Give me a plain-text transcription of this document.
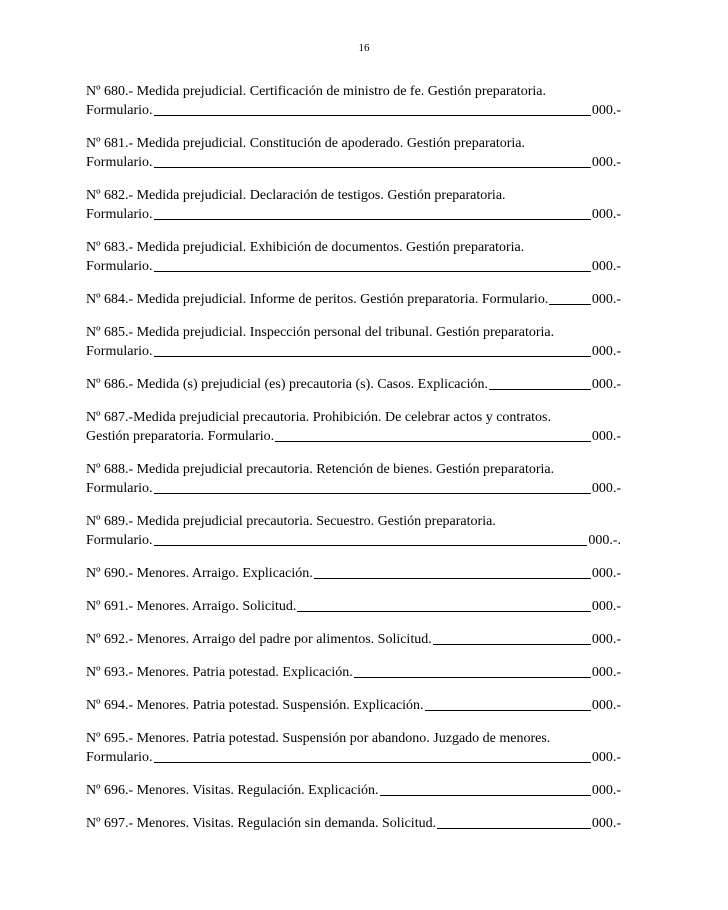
16
Nº 680.- Medida prejudicial. Certificación de ministro de fe. Gestión preparatoria.
Formulario.	000.-
Nº 681.- Medida prejudicial. Constitución de apoderado. Gestión preparatoria.
Formulario.	000.-
Nº 682.- Medida prejudicial. Declaración de testigos. Gestión preparatoria.
Formulario.	000.-
Nº 683.- Medida prejudicial. Exhibición de documentos. Gestión preparatoria.
Formulario.	000.-
Nº 684.- Medida prejudicial. Informe de peritos. Gestión preparatoria. Formulario.	000.-
Nº 685.- Medida prejudicial. Inspección personal del tribunal. Gestión preparatoria.
Formulario.	000.-
Nº 686.- Medida (s) prejudicial (es) precautoria (s). Casos. Explicación.	000.-
Nº 687.-Medida prejudicial precautoria. Prohibición. De celebrar actos y contratos.
Gestión preparatoria. Formulario.	000.-
Nº 688.- Medida prejudicial precautoria. Retención de bienes. Gestión preparatoria.
Formulario.	000.-
Nº 689.- Medida prejudicial precautoria. Secuestro. Gestión preparatoria.
Formulario.	000.-.
Nº 690.- Menores. Arraigo. Explicación.	000.-
Nº 691.- Menores. Arraigo. Solicitud.	000.-
Nº 692.- Menores. Arraigo del padre por alimentos. Solicitud.	000.-
Nº 693.- Menores. Patria potestad. Explicación.	000.-
Nº 694.- Menores. Patria potestad. Suspensión. Explicación.	000.-
Nº 695.- Menores. Patria potestad. Suspensión por abandono. Juzgado de menores.
Formulario.	000.-
Nº 696.- Menores. Visitas. Regulación. Explicación.	000.-
Nº 697.- Menores. Visitas. Regulación sin demanda. Solicitud.	000.-
